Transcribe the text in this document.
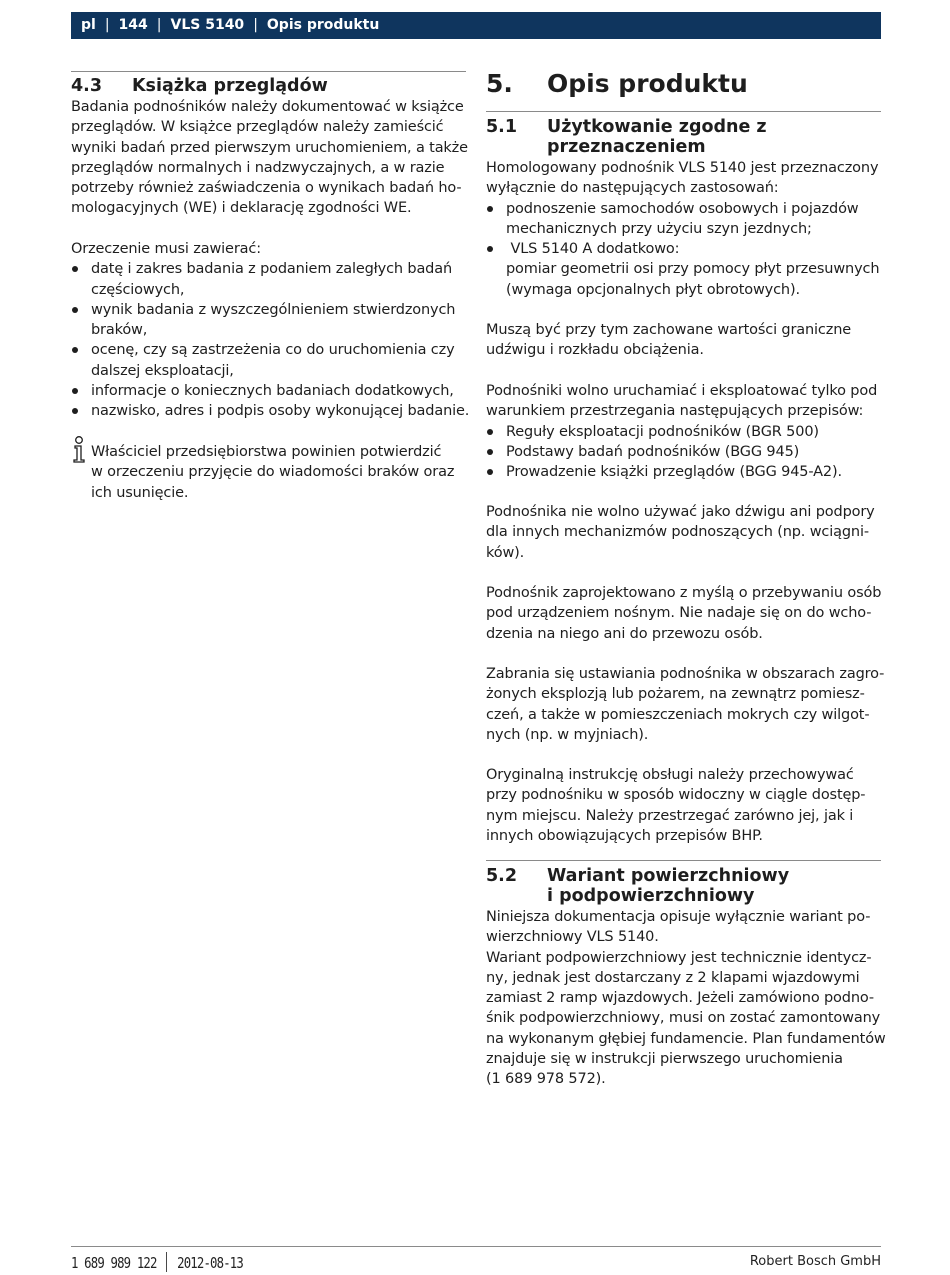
pl | 144 | VLS 5140 | Opis produktu
4.3 Książka przeglądów

Badania podnośników należy dokumentować w książce

przeglądów. W książce przeglądów należy zamieścić

wyniki badań przed pierwszym uruchomieniem, a także

przeglądów normalnych i nadzwyczajnych, a w razie

potrzeby również zaświadczenia o wynikach badań ho-

mologacyjnych (WE) i deklarację zgodności WE.

Orzeczenie musi zawierać:

datę i zakres badania z podaniem zaległych badań
częściowych,
wynik badania z wyszczególnieniem stwierdzonych
braków,
ocenę, czy są zastrzeżenia co do uruchomienia czy
dalszej eksploatacji,
informacje o koniecznych badaniach dodatkowych,
nazwisko, adres i podpis osoby wykonującej badanie.

Właściciel przedsiębiorstwa powinien potwierdzić

w orzeczeniu przyjęcie do wiadomości braków oraz

ich usunięcie.

5. Opis produktu
5.1 Użytkowanie zgodne z
przeznaczeniem

Homologowany podnośnik VLS 5140 jest przeznaczony

wyłącznie do następujących zastosowań:

podnoszenie samochodów osobowych i pojazdów
mechanicznych przy użyciu szyn jezdnych;
VLS 5140 A dodatkowo:
pomiar geometrii osi przy pomocy płyt przesuwnych
(wymaga opcjonalnych płyt obrotowych).

Muszą być przy tym zachowane wartości graniczne

udźwigu i rozkładu obciążenia.

Podnośniki wolno uruchamiać i eksploatować tylko pod

warunkiem przestrzegania następujących przepisów:

Reguły eksploatacji podnośników (BGR 500)
Podstawy badań podnośników (BGG 945)
Prowadzenie książki przeglądów (BGG 945-A2).

Podnośnika nie wolno używać jako dźwigu ani podpory

dla innych mechanizmów podnoszących (np. wciągni-

ków).

Podnośnik zaprojektowano z myślą o przebywaniu osób

pod urządzeniem nośnym. Nie nadaje się on do wcho-

dzenia na niego ani do przewozu osób.

Zabrania się ustawiania podnośnika w obszarach zagro-

żonych eksplozją lub pożarem, na zewnątrz pomiesz-

czeń, a także w pomieszczeniach mokrych czy wilgot-

nych (np. w myjniach).

Oryginalną instrukcję obsługi należy przechowywać

przy podnośniku w sposób widoczny w ciągle dostęp-

nym miejscu. Należy przestrzegać zarówno jej, jak i

innych obowiązujących przepisów BHP.

5.2 Wariant powierzchniowy
i podpowierzchniowy

Niniejsza dokumentacja opisuje wyłącznie wariant po-

wierzchniowy VLS 5140.

Wariant podpowierzchniowy jest technicznie identycz-

ny, jednak jest dostarczany z 2 klapami wjazdowymi

zamiast 2 ramp wjazdowych. Jeżeli zamówiono podno-

śnik podpowierzchniowy, musi on zostać zamontowany

na wykonanym głębiej fundamencie. Plan fundamentów

znajduje się w instrukcji pierwszego uruchomienia

(1 689 978 572).

1 689 989 122 2012-08-13	Robert Bosch GmbH
